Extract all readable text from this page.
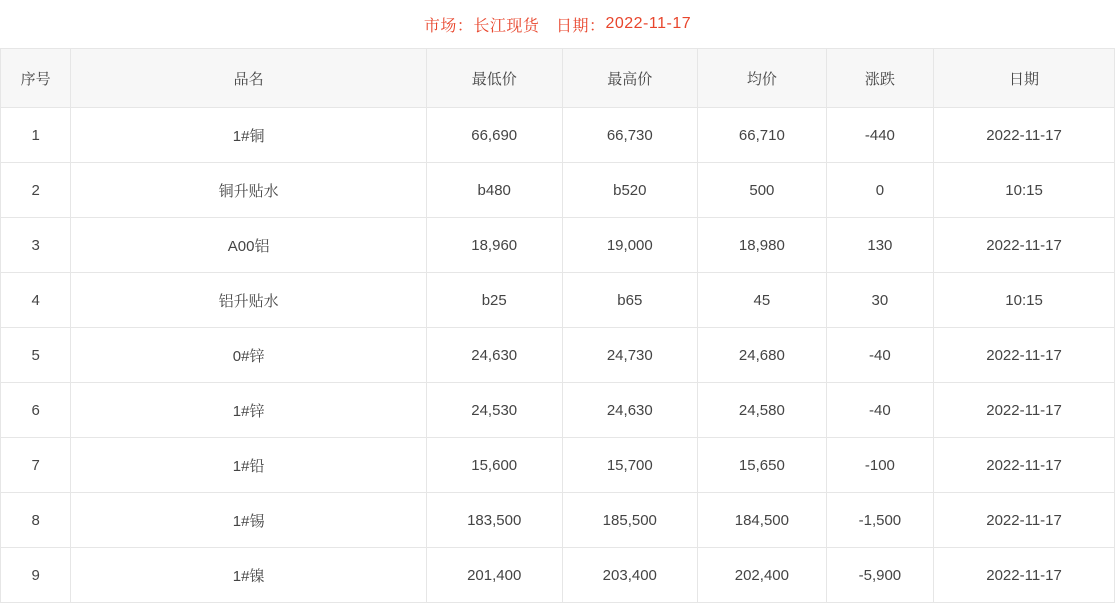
市场： 长江现货
　 日期： 2022-11-17
序号	品名	最低价	最高价	均价	涨跌	日期
1	1#铜	66,690	66,730	66,710	-440	2022-11-17
2	铜升贴水	b480	b520	500	0	10:15
3	A00铝	18,960	19,000	18,980	130	2022-11-17
4	铝升贴水	b25	b65	45	30	10:15
5	0#锌	24,630	24,730	24,680	-40	2022-11-17
6	1#锌	24,530	24,630	24,580	-40	2022-11-17
7	1#铅	15,600	15,700	15,650	-100	2022-11-17
8	1#锡	183,500	185,500	184,500	-1,500	2022-11-17
9	1#镍	201,400	203,400	202,400	-5,900	2022-11-17
